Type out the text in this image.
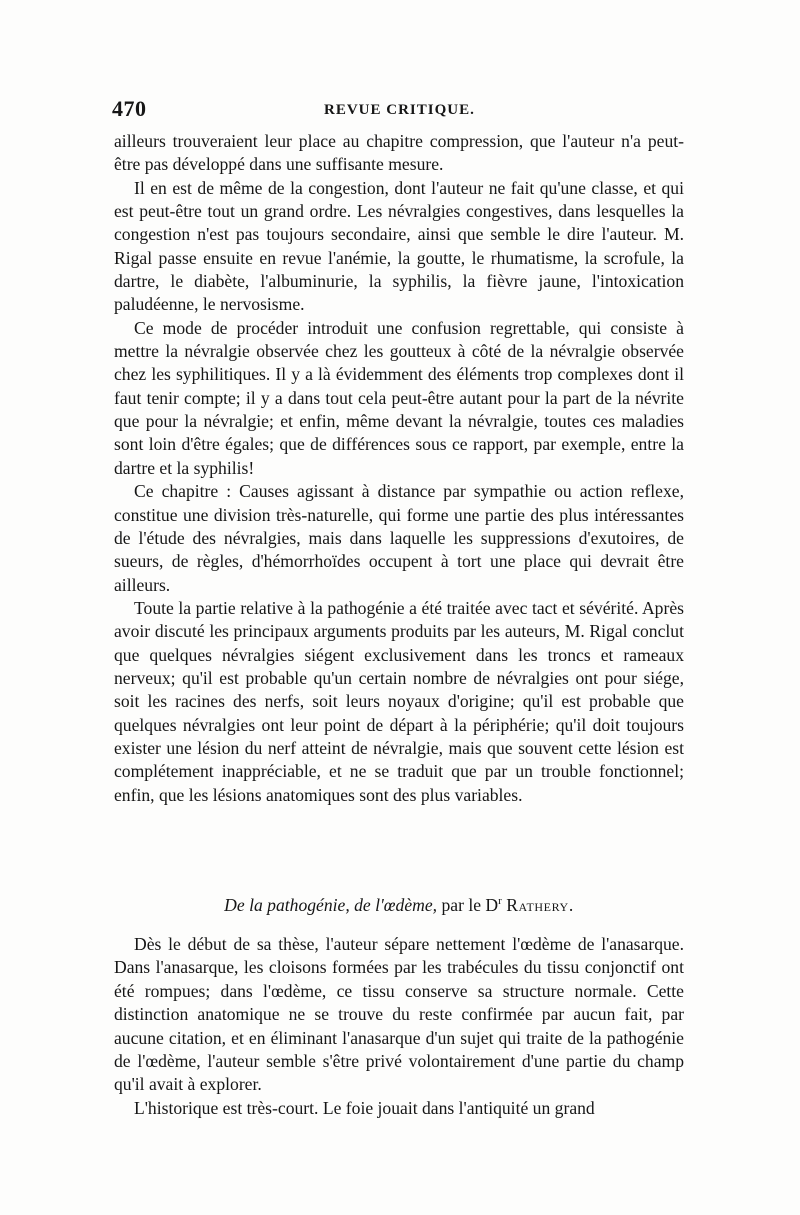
470	REVUE CRITIQUE.

ailleurs trouveraient leur place au chapitre compression, que l'auteur n'a peut-être pas développé dans une suffisante mesure.

Il en est de même de la congestion, dont l'auteur ne fait qu'une classe, et qui est peut-être tout un grand ordre. Les névralgies congestives, dans lesquelles la congestion n'est pas toujours secondaire, ainsi que semble le dire l'auteur. M. Rigal passe ensuite en revue l'anémie, la goutte, le rhumatisme, la scrofule, la dartre, le diabète, l'albuminurie, la syphilis, la fièvre jaune, l'intoxication paludéenne, le nervosisme.

Ce mode de procéder introduit une confusion regrettable, qui consiste à mettre la névralgie observée chez les goutteux à côté de la névralgie observée chez les syphilitiques. Il y a là évidemment des éléments trop complexes dont il faut tenir compte; il y a dans tout cela peut-être autant pour la part de la névrite que pour la névralgie; et enfin, même devant la névralgie, toutes ces maladies sont loin d'être égales; que de différences sous ce rapport, par exemple, entre la dartre et la syphilis!

Ce chapitre : Causes agissant à distance par sympathie ou action reflexe, constitue une division très-naturelle, qui forme une partie des plus intéressantes de l'étude des névralgies, mais dans laquelle les suppressions d'exutoires, de sueurs, de règles, d'hémorrhoïdes occupent à tort une place qui devrait être ailleurs.

Toute la partie relative à la pathogénie a été traitée avec tact et sévérité. Après avoir discuté les principaux arguments produits par les auteurs, M. Rigal conclut que quelques névralgies siégent exclusivement dans les troncs et rameaux nerveux; qu'il est probable qu'un certain nombre de névralgies ont pour siége, soit les racines des nerfs, soit leurs noyaux d'origine; qu'il est probable que quelques névralgies ont leur point de départ à la périphérie; qu'il doit toujours exister une lésion du nerf atteint de névralgie, mais que souvent cette lésion est complétement inappréciable, et ne se traduit que par un trouble fonctionnel; enfin, que les lésions anatomiques sont des plus variables.

De la pathogénie, de l'œdème, par le $D^r$ Rathery.

Dès le début de sa thèse, l'auteur sépare nettement l'œdème de l'anasarque. Dans l'anasarque, les cloisons formées par les trabécules du tissu conjonctif ont été rompues; dans l'œdème, ce tissu conserve sa structure normale. Cette distinction anatomique ne se trouve du reste confirmée par aucun fait, par aucune citation, et en éliminant l'anasarque d'un sujet qui traite de la pathogénie de l'œdème, l'auteur semble s'être privé volontairement d'une partie du champ qu'il avait à explorer.

L'historique est très-court. Le foie jouait dans l'antiquité un grand
